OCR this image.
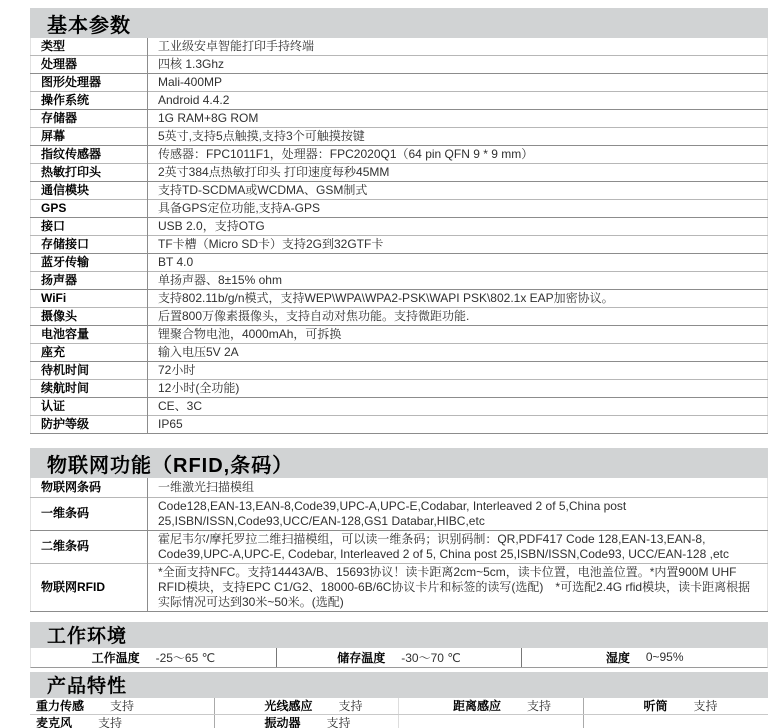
基本参数
类型	工业级安卓智能打印手持终端
处理器	四核 1.3Ghz
图形处理器	Mali-400MP
操作系统	Android 4.4.2
存储器	1G RAM+8G ROM
屏幕	5英寸,支持5点触摸,支持3个可触摸按键
指纹传感器	传感器：FPC1011F1，处理器：FPC2020Q1（64 pin QFN 9 * 9 mm）
热敏打印头	2英寸384点热敏打印头 打印速度每秒45MM
通信模块	支持TD-SCDMA或WCDMA、GSM制式
GPS	具备GPS定位功能,支持A-GPS
接口	USB 2.0，支持OTG
存储接口	TF卡槽（Micro SD卡）支持2G到32GTF卡
蓝牙传输	BT 4.0
扬声器	单扬声器、8±15% ohm
WiFi	支持802.11b/g/n模式，支持WEP\WPA\WPA2-PSK\WAPI PSK\802.1x EAP加密协议。
摄像头	后置800万像素摄像头，支持自动对焦功能。支持微距功能.
电池容量	锂聚合物电池，4000mAh，可拆换
座充	输入电压5V 2A
待机时间	72小时
续航时间	12小时(全功能)
认证	CE、3C
防护等级	IP65
物联网功能（RFID,条码）
物联网条码	一维激光扫描模组
一维条码	Code128,EAN-13,EAN-8,Code39,UPC-A,UPC-E,Codabar, Interleaved 2 of 5,China post 25,ISBN/ISSN,Code93,UCC/EAN-128,GS1 Databar,HIBC,etc
二维条码	霍尼韦尔/摩托罗拉二维扫描模组，可以读一维条码；识别码制：QR,PDF417 Code 128,EAN-13,EAN-8, Code39,UPC-A,UPC-E, Codebar, Interleaved 2 of 5, China post 25,ISBN/ISSN,Code93, UCC/EAN-128 ,etc
物联网RFID	*全面支持NFC。支持14443A/B、15693协议！读卡距离2cm~5cm，读卡位置，电池盖位置。*内置900M UHF RFID模块，支持EPC C1/G2、18000-6B/6C协议卡片和标签的读写(选配)　*可选配2.4G rfid模块，读卡距离根据实际情况可达到30米~50米。(选配)
工作环境
工作温度 -25～65 ℃	储存温度 -30～70 ℃	湿度 0~95%
产品特性
重力传感 支持	光线感应 支持	距离感应 支持	听筒 支持
麦克风 支持	振动器 支持
